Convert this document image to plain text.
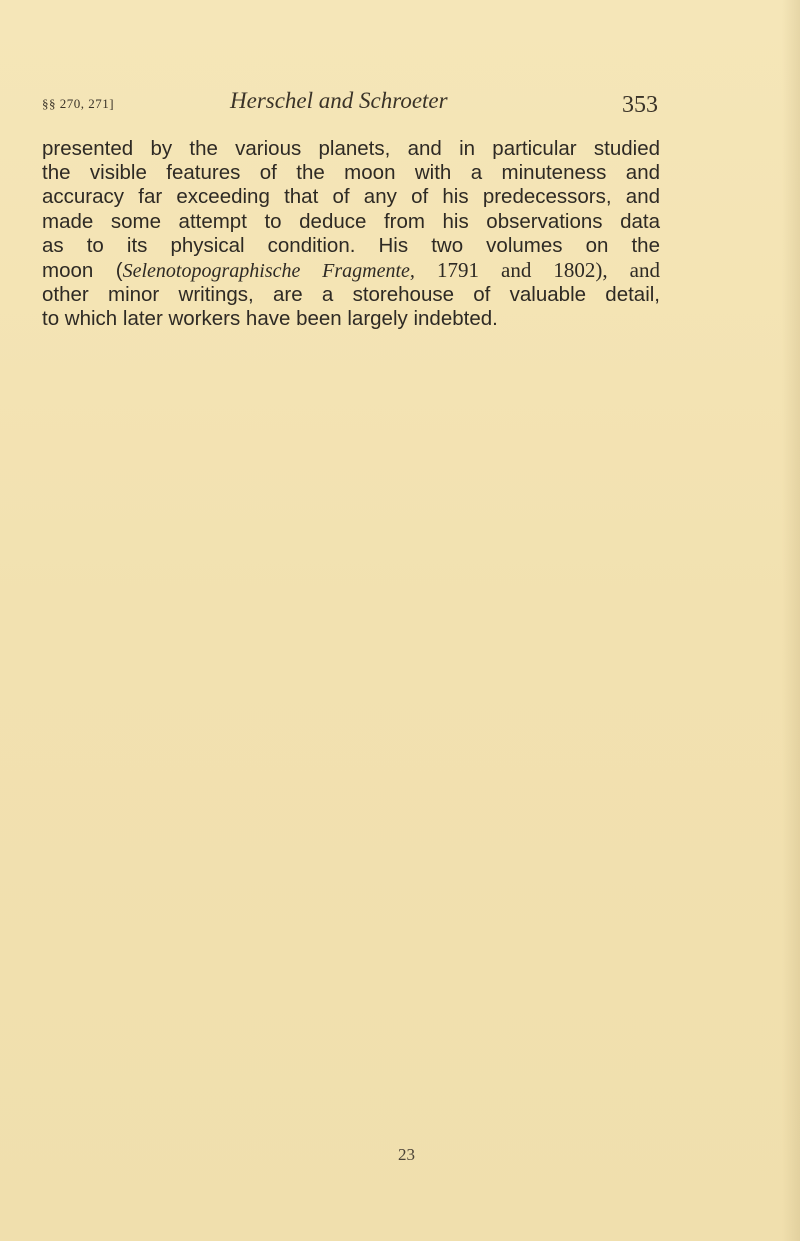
§§ 270, 271]	Herschel and Schroeter	353
presented by the various planets, and in particular studied
the visible features of the moon with a minuteness and
accuracy far exceeding that of any of his predecessors, and
made some attempt to deduce from his observations data
as to its physical condition. His two volumes on the
moon (Selenotopographische Fragmente, 1791 and 1802), and
other minor writings, are a storehouse of valuable detail,
to which later workers have been largely indebted.
23
